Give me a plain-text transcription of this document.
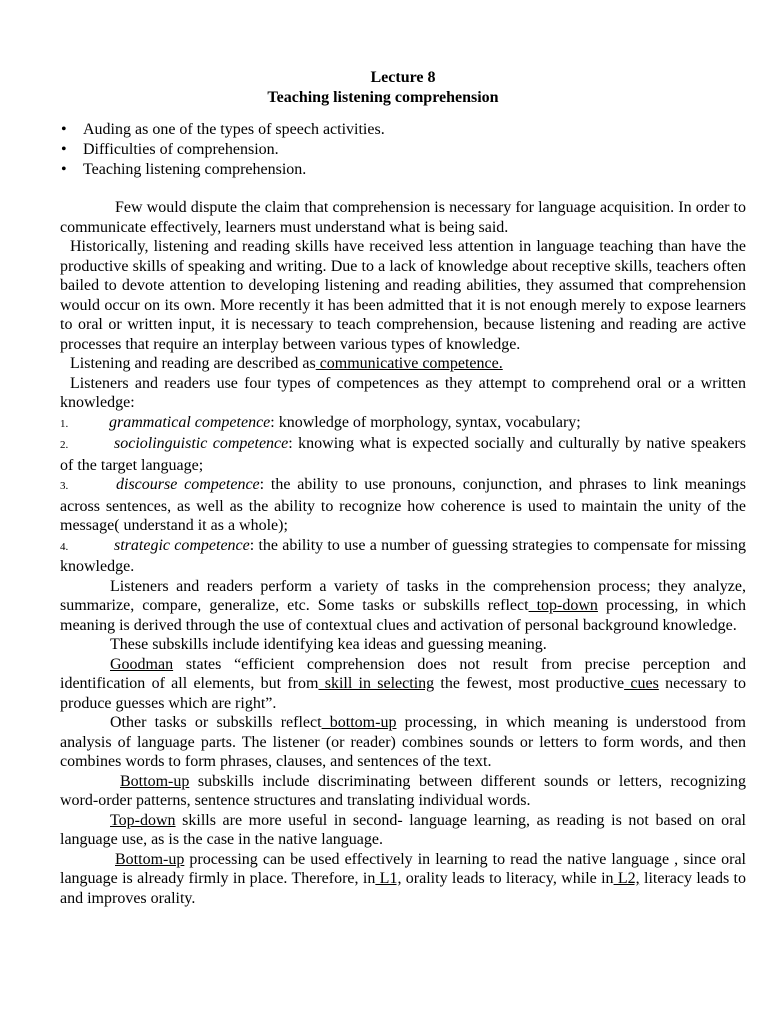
Lecture 8
Teaching listening comprehension
• Auding as one of the types of speech activities.
• Difficulties of comprehension.
• Teaching listening comprehension.

Few would dispute the claim that comprehension is necessary for language acquisition. In order to communicate effectively, learners must understand what is being said.

Historically, listening and reading skills have received less attention in language teaching than have the productive skills of speaking and writing. Due to a lack of knowledge about receptive skills, teachers often bailed to devote attention to developing listening and reading abilities, they assumed that comprehension would occur on its own. More recently it has been admitted that it is not enough merely to expose learners to oral or written input, it is necessary to teach comprehension, because listening and reading are active processes that require an interplay between various types of knowledge.

Listening and reading are described as communicative competence.

Listeners and readers use four types of competences as they attempt to comprehend oral or a written knowledge:

1.	grammatical competence: knowledge of morphology, syntax, vocabulary;

2.	sociolinguistic competence: knowing what is expected socially and culturally by native speakers of the target language;

3.	discourse competence: the ability to use pronouns, conjunction, and phrases to link meanings across sentences, as well as the ability to recognize how coherence is used to maintain the unity of the message( understand it as a whole);

4.	strategic competence: the ability to use a number of guessing strategies to compensate for missing knowledge.

Listeners and readers perform a variety of tasks in the comprehension process; they analyze, summarize, compare, generalize, etc. Some tasks or subskills reflect top-down processing, in which meaning is derived through the use of contextual clues and activation of personal background knowledge.

These subskills include identifying kea ideas and guessing meaning.

Goodman states “efficient comprehension does not result from precise perception and identification of all elements, but from skill in selecting the fewest, most productive cues necessary to produce guesses which are right”.

Other tasks or subskills reflect bottom-up processing, in which meaning is understood from analysis of language parts. The listener (or reader) combines sounds or letters to form words, and then combines words to form phrases, clauses, and sentences of the text.

Bottom-up subskills include discriminating between different sounds or letters, recognizing word-order patterns, sentence structures and translating individual words.

Top-down skills are more useful in second- language learning, as reading is not based on oral language use, as is the case in the native language.

Bottom-up processing can be used effectively in learning to read the native language , since oral language is already firmly in place. Therefore, in L1, orality leads to literacy, while in L2, literacy leads to and improves orality.
